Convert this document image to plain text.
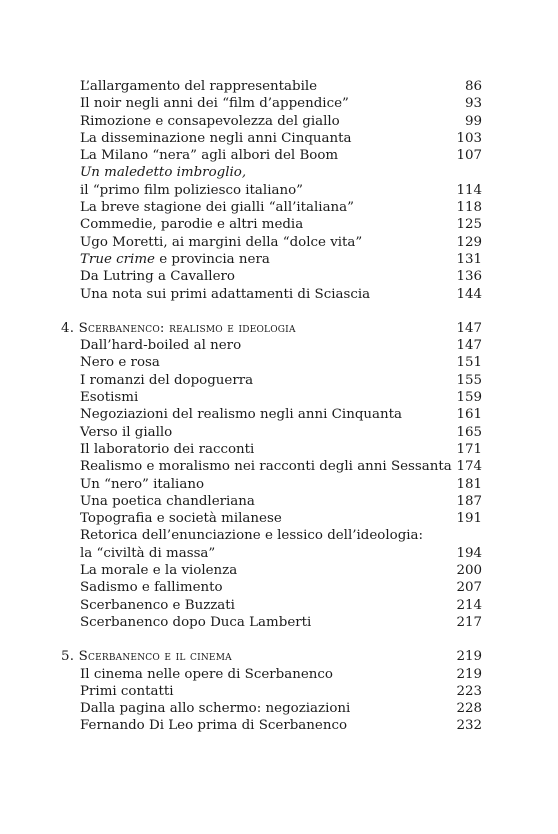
L’allargamento del rappresentabile	86
Il noir negli anni dei “film d’appendice”	93
Rimozione e consapevolezza del giallo	99
La disseminazione negli anni Cinquanta	103
La Milano “nera” agli albori del Boom	107
Un maledetto imbroglio,
il “primo film poliziesco italiano”	114
La breve stagione dei gialli “all’italiana”	118
Commedie, parodie e altri media	125
Ugo Moretti, ai margini della “dolce vita”	129
True crime e provincia nera	131
Da Lutring a Cavallero	136
Una nota sui primi adattamenti di Sciascia	144
4. Scerbanenco: realismo e ideologia	147
Dall’hard-boiled al nero	147
Nero e rosa	151
I romanzi del dopoguerra	155
Esotismi	159
Negoziazioni del realismo negli anni Cinquanta	161
Verso il giallo	165
Il laboratorio dei racconti	171
Realismo e moralismo nei racconti degli anni Sessanta 174
Un “nero” italiano	181
Una poetica chandleriana	187
Topografia e società milanese	191
Retorica dell’enunciazione e lessico dell’ideologia:
la “civiltà di massa”	194
La morale e la violenza	200
Sadismo e fallimento	207
Scerbanenco e Buzzati	214
Scerbanenco dopo Duca Lamberti	217
5. Scerbanenco e il cinema	219
Il cinema nelle opere di Scerbanenco	219
Primi contatti	223
Dalla pagina allo schermo: negoziazioni	228
Fernando Di Leo prima di Scerbanenco	232
